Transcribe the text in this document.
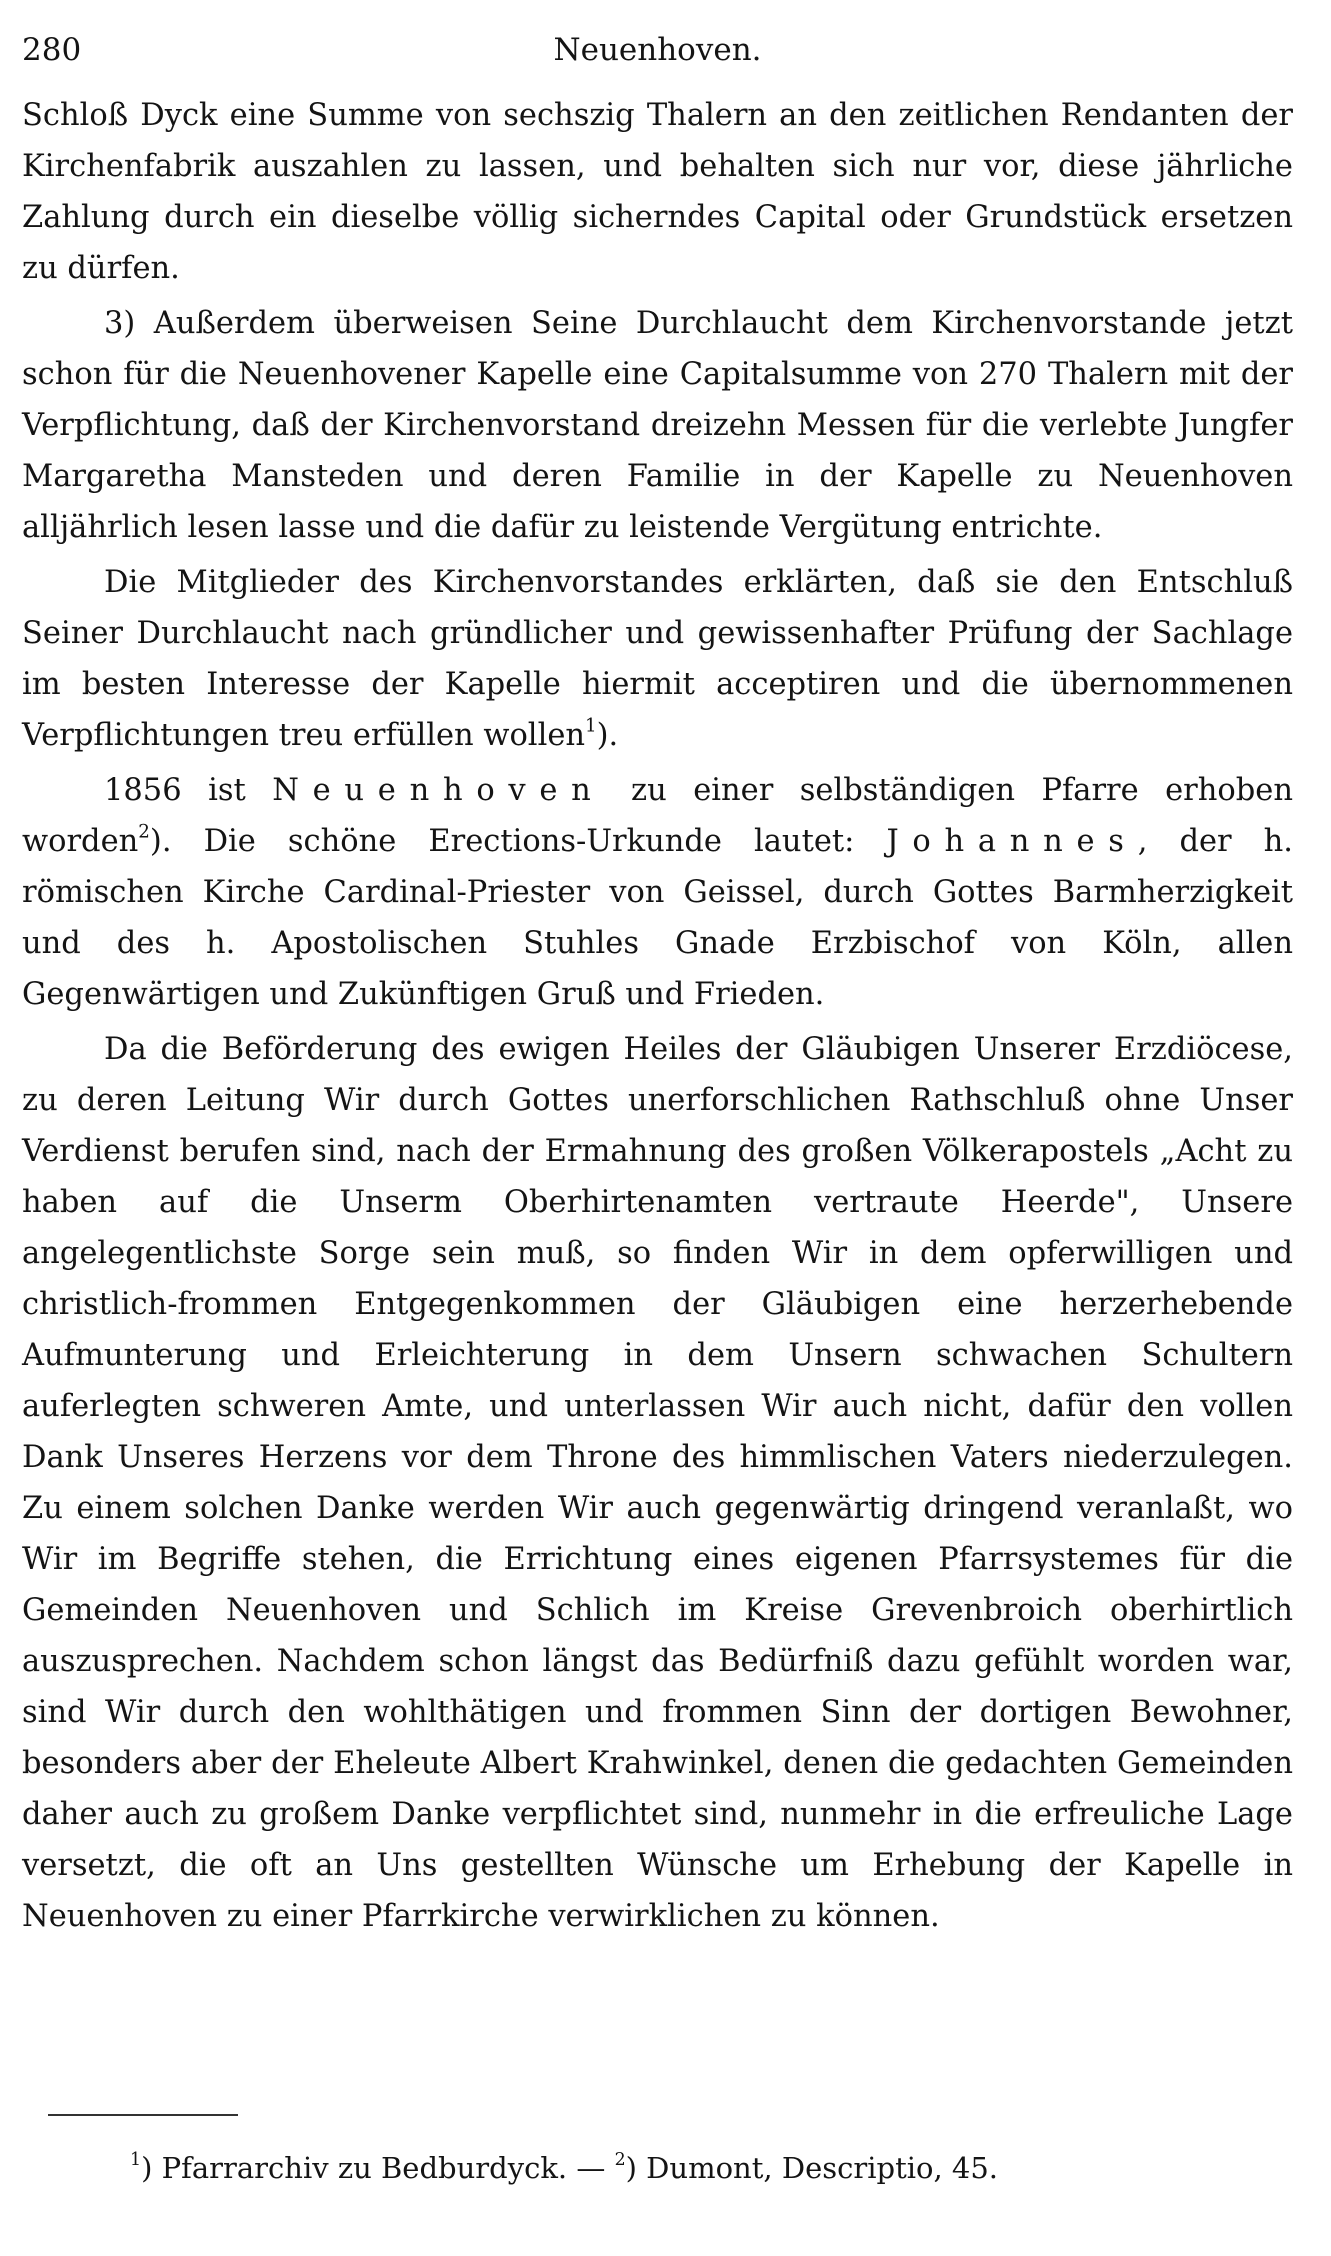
280	Neuenhoven.

Schloß Dyck eine Summe von sechszig Thalern an den zeitlichen Rendanten der Kirchenfabrik auszahlen zu lassen, und behalten sich nur vor, diese jährliche Zahlung durch ein dieselbe völlig sicherndes Capital oder Grundstück ersetzen zu dürfen.

3) Außerdem überweisen Seine Durchlaucht dem Kirchenvorstande jetzt schon für die Neuenhovener Kapelle eine Capitalsumme von 270 Thalern mit der Verpflichtung, daß der Kirchenvorstand dreizehn Messen für die verlebte Jungfer Margaretha Mansteden und deren Familie in der Kapelle zu Neuenhoven alljährlich lesen lasse und die dafür zu leistende Vergütung entrichte.

Die Mitglieder des Kirchenvorstandes erklärten, daß sie den Entschluß Seiner Durchlaucht nach gründlicher und gewissenhafter Prüfung der Sachlage im besten Interesse der Kapelle hiermit acceptiren und die übernommenen Verpflichtungen treu erfüllen wollen$^1$).

1856 ist Neuenhoven zu einer selbständigen Pfarre erhoben worden$^2$). Die schöne Erections-Urkunde lautet: Johannes, der h. römischen Kirche Cardinal-Priester von Geissel, durch Gottes Barmherzigkeit und des h. Apostolischen Stuhles Gnade Erzbischof von Köln, allen Gegenwärtigen und Zukünftigen Gruß und Frieden.

Da die Beförderung des ewigen Heiles der Gläubigen Unserer Erzdiöcese, zu deren Leitung Wir durch Gottes unerforschlichen Rathschluß ohne Unser Verdienst berufen sind, nach der Ermahnung des großen Völkerapostels „Acht zu haben auf die Unserm Oberhirtenamten vertraute Heerde", Unsere angelegentlichste Sorge sein muß, so finden Wir in dem opferwilligen und christlich-frommen Entgegenkommen der Gläubigen eine herzerhebende Aufmunterung und Erleichterung in dem Unsern schwachen Schultern auferlegten schweren Amte, und unterlassen Wir auch nicht, dafür den vollen Dank Unseres Herzens vor dem Throne des himmlischen Vaters niederzulegen. Zu einem solchen Danke werden Wir auch gegenwärtig dringend veranlaßt, wo Wir im Begriffe stehen, die Errichtung eines eigenen Pfarrsystemes für die Gemeinden Neuenhoven und Schlich im Kreise Grevenbroich oberhirtlich auszusprechen. Nachdem schon längst das Bedürfniß dazu gefühlt worden war, sind Wir durch den wohlthätigen und frommen Sinn der dortigen Bewohner, besonders aber der Eheleute Albert Krahwinkel, denen die gedachten Gemeinden daher auch zu großem Danke verpflichtet sind, nunmehr in die erfreuliche Lage versetzt, die oft an Uns gestellten Wünsche um Erhebung der Kapelle in Neuenhoven zu einer Pfarrkirche verwirklichen zu können.

$^1$) Pfarrarchiv zu Bedburdyck. — $^2$) Dumont, Descriptio, 45.
